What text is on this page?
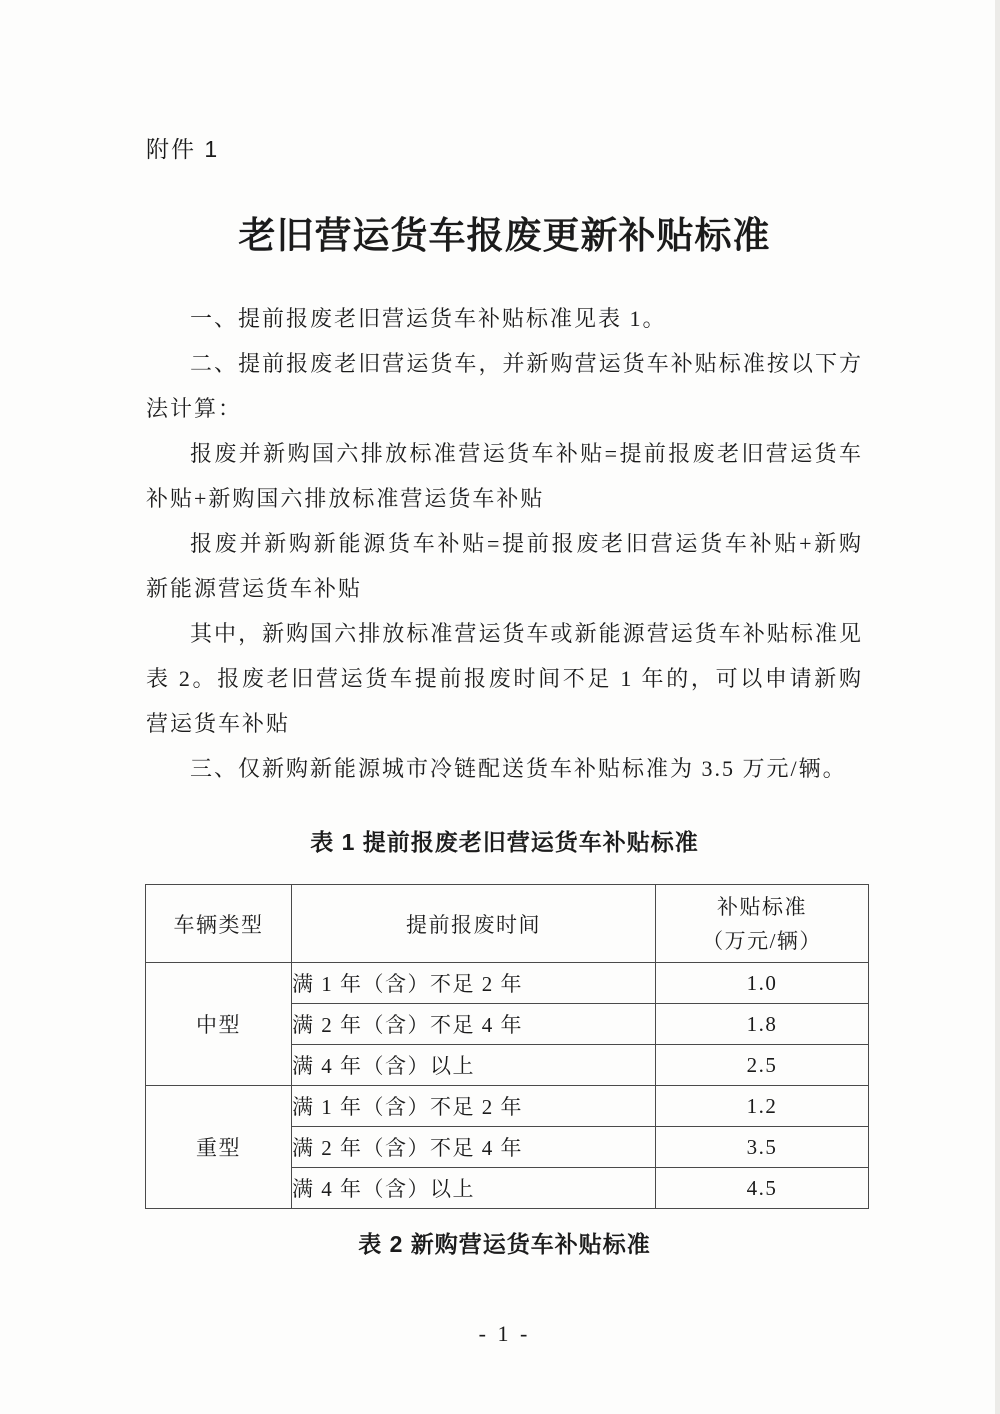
附件 1
老旧营运货车报废更新补贴标准

一、提前报废老旧营运货车补贴标准见表 1。

二、提前报废老旧营运货车，并新购营运货车补贴标准按以下方法计算：

报废并新购国六排放标准营运货车补贴=提前报废老旧营运货车补贴+新购国六排放标准营运货车补贴

报废并新购新能源货车补贴=提前报废老旧营运货车补贴+新购新能源营运货车补贴

其中，新购国六排放标准营运货车或新能源营运货车补贴标准见表 2。报废老旧营运货车提前报废时间不足 1 年的，可以申请新购营运货车补贴

三、仅新购新能源城市冷链配送货车补贴标准为 3.5 万元/辆。

表 1 提前报废老旧营运货车补贴标准
车辆类型	提前报废时间	补贴标准
（万元/辆）

中型	满 1 年（含）不足 2 年	1.0
	满 2 年（含）不足 4 年	1.8
	满 4 年（含）以上	2.5
重型	满 1 年（含）不足 2 年	1.2
	满 2 年（含）不足 4 年	3.5
	满 4 年（含）以上	4.5
表 2 新购营运货车补贴标准
- 1 -
